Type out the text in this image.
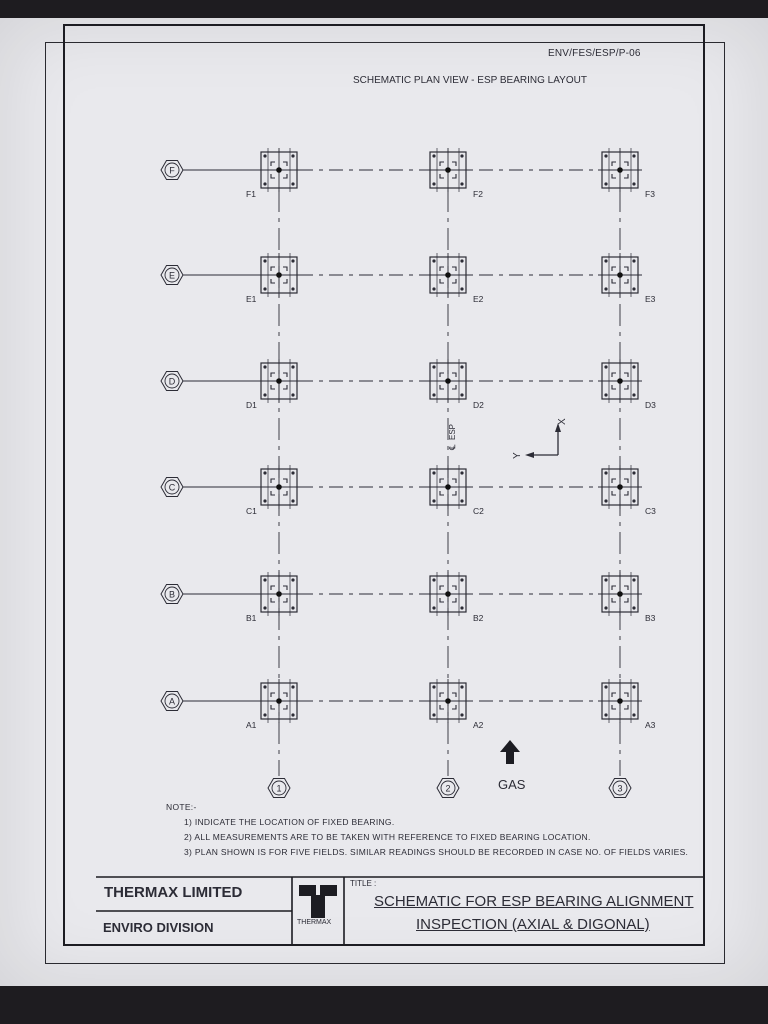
F
E
D
C
B
A
1	2	3
℄
ESP
X
Y
ENV/FES/ESP/P-06
SCHEMATIC PLAN VIEW - ESP BEARING LAYOUT
F1	F2	F3
E1	E2	E3
D1	D2	D3
C1	C2	C3
B1	B2	B3
A1	A2	A3
GAS
NOTE:-
1) INDICATE THE LOCATION OF FIXED BEARING.
2) ALL MEASUREMENTS ARE TO BE TAKEN WITH REFERENCE TO FIXED BEARING LOCATION.
3) PLAN SHOWN IS FOR FIVE FIELDS. SIMILAR READINGS SHOULD BE RECORDED IN CASE NO. OF FIELDS VARIES.
THERMAX LIMITED
ENVIRO DIVISION	THERMAX
TITLE :
SCHEMATIC FOR ESP BEARING ALIGNMENT
INSPECTION (AXIAL & DIGONAL)
